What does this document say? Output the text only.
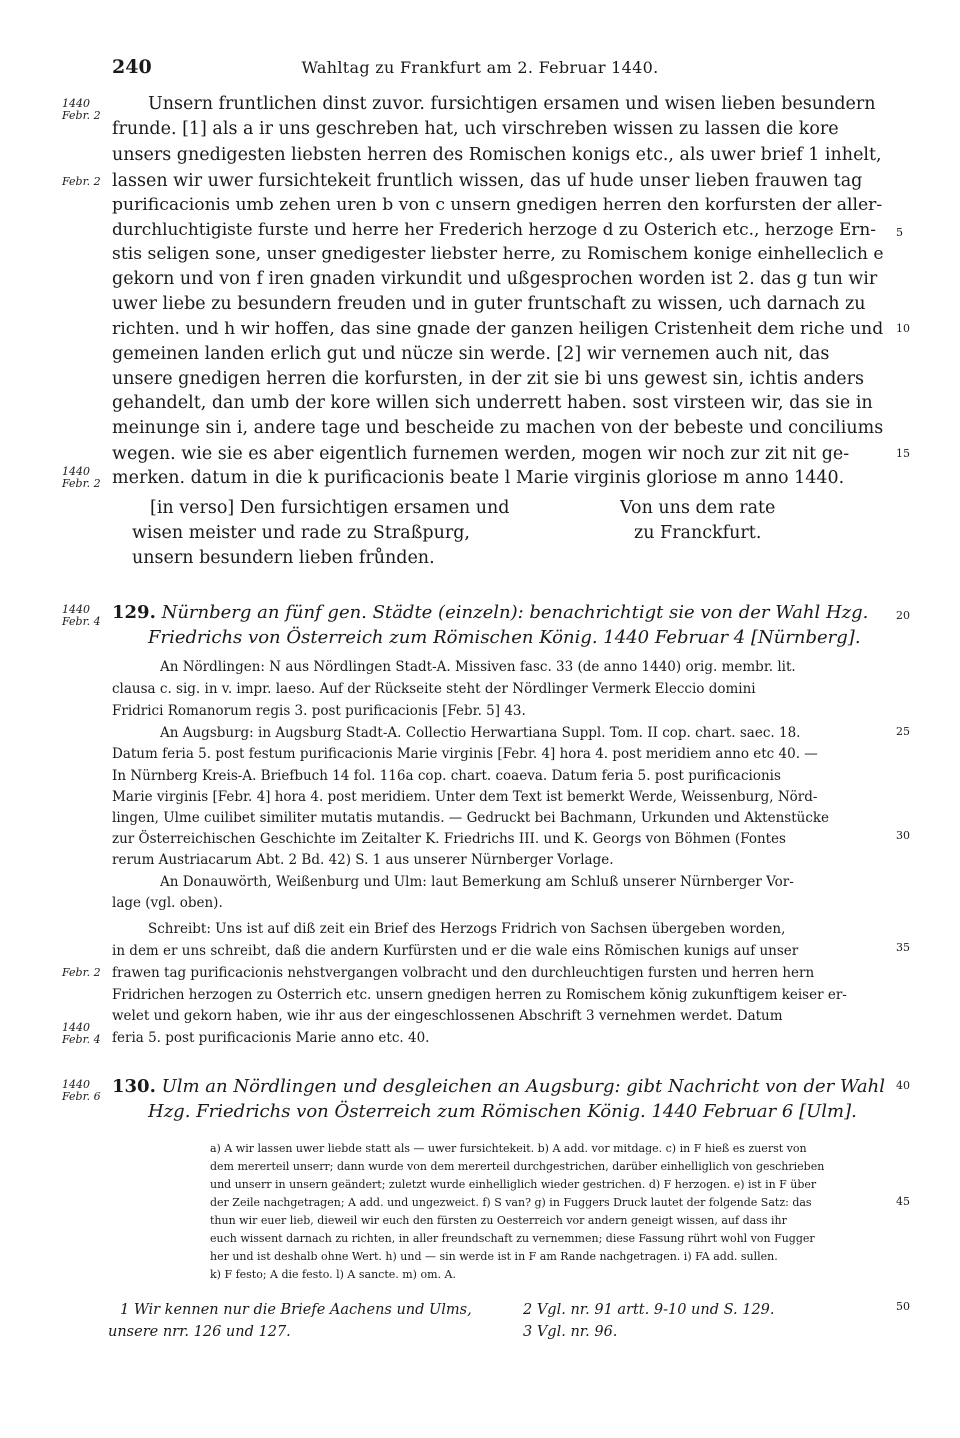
240	Wahltag zu Frankfurt am 2. Februar 1440.
1440 Febr. 2
Febr. 2
1440 Febr. 2
1440 Febr. 4
Febr. 2
1440 Febr. 4
1440 Febr. 6
5
10
15
20
25
30
35
40
45
50
Unsern fruntlichen dinst zuvor. fursichtigen ersamen und wisen lieben besundern
frunde. [1] als a ir uns geschreben hat, uch virschreben wissen zu lassen die kore
unsers gnedigesten liebsten herren des Romischen konigs etc., als uwer brief 1 inhelt,
lassen wir uwer fursichtekeit fruntlich wissen, das uf hude unser lieben frauwen tag
purificacionis umb zehen uren b von c unsern gnedigen herren den korfursten der aller-
durchluchtigiste furste und herre her Frederich herzoge d zu Osterich etc., herzoge Ern-
stis seligen sone, unser gnedigester liebster herre, zu Romischem konige einhelleclich e
gekorn und von f iren gnaden virkundit und ußgesprochen worden ist 2. das g tun wir
uwer liebe zu besundern freuden und in guter fruntschaft zu wissen, uch darnach zu
richten. und h wir hoffen, das sine gnade der ganzen heiligen Cristenheit dem riche und
gemeinen landen erlich gut und nücze sin werde. [2] wir vernemen auch nit, das
unsere gnedigen herren die korfursten, in der zit sie bi uns gewest sin, ichtis anders
gehandelt, dan umb der kore willen sich underrett haben. sost virsteen wir, das sie in
meinunge sin i, andere tage und bescheide zu machen von der bebeste und conciliums
wegen. wie sie es aber eigentlich furnemen werden, mogen wir noch zur zit nit ge-
merken. datum in die k purificacionis beate l Marie virginis gloriose m anno 1440.
[in verso] Den fursichtigen ersamen und
wisen meister und rade zu Straßpurg,
unsern besundern lieben frůnden.
Von uns dem rate
zu Franckfurt.
129. Nürnberg an fünf gen. Städte (einzeln): benachrichtigt sie von der Wahl Hzg.
Friedrichs von Österreich zum Römischen König. 1440 Februar 4 [Nürnberg].
An Nördlingen: N aus Nördlingen Stadt-A. Missiven fasc. 33 (de anno 1440) orig. membr. lit.
clausa c. sig. in v. impr. laeso. Auf der Rückseite steht der Nördlinger Vermerk Eleccio domini
Fridrici Romanorum regis 3. post purificacionis [Febr. 5] 43.
An Augsburg: in Augsburg Stadt-A. Collectio Herwartiana Suppl. Tom. II cop. chart. saec. 18.
Datum feria 5. post festum purificacionis Marie virginis [Febr. 4] hora 4. post meridiem anno etc 40. —
In Nürnberg Kreis-A. Briefbuch 14 fol. 116a cop. chart. coaeva. Datum feria 5. post purificacionis
Marie virginis [Febr. 4] hora 4. post meridiem. Unter dem Text ist bemerkt Werde, Weissenburg, Nörd-
lingen, Ulme cuilibet similiter mutatis mutandis. — Gedruckt bei Bachmann, Urkunden und Aktenstücke
zur Österreichischen Geschichte im Zeitalter K. Friedrichs III. und K. Georgs von Böhmen (Fontes
rerum Austriacarum Abt. 2 Bd. 42) S. 1 aus unserer Nürnberger Vorlage.
An Donauwörth, Weißenburg und Ulm: laut Bemerkung am Schluß unserer Nürnberger Vor-
lage (vgl. oben).
Schreibt: Uns ist auf diß zeit ein Brief des Herzogs Fridrich von Sachsen übergeben worden,
in dem er uns schreibt, daß die andern Kurfürsten und er die wale eins Rŏmischen kunigs auf unser
frawen tag purificacionis nehstvergangen volbracht und den durchleuchtigen fursten und herren hern
Fridrichen herzogen zu Osterrich etc. unsern gnedigen herren zu Romischem kŏnig zukunftigem keiser er-
welet und gekorn haben, wie ihr aus der eingeschlossenen Abschrift 3 vernehmen werdet. Datum
feria 5. post purificacionis Marie anno etc. 40.
130. Ulm an Nördlingen und desgleichen an Augsburg: gibt Nachricht von der Wahl
Hzg. Friedrichs von Österreich zum Römischen König. 1440 Februar 6 [Ulm].
a) A wir lassen uwer liebde statt als — uwer fursichtekeit. b) A add. vor mitdage. c) in F hieß es zuerst von
dem mererteil unserr; dann wurde von dem mererteil durchgestrichen, darüber einhelliglich von geschrieben
und unserr in unsern geändert; zuletzt wurde einhelliglich wieder gestrichen. d) F herzogen. e) ist in F über
der Zeile nachgetragen; A add. und ungezweict. f) S van? g) in Fuggers Druck lautet der folgende Satz: das
thun wir euer lieb, dieweil wir euch den fürsten zu Oesterreich vor andern geneigt wissen, auf dass ihr
euch wissent darnach zu richten, in aller freundschaft zu vernemmen; diese Fassung rührt wohl von Fugger
her und ist deshalb ohne Wert. h) und — sin werde ist in F am Rande nachgetragen. i) FA add. sullen.
k) F festo; A die festo. l) A sancte. m) om. A.
1 Wir kennen nur die Briefe Aachens und Ulms,
unsere nrr. 126 und 127.
2 Vgl. nr. 91 artt. 9-10 und S. 129.
3 Vgl. nr. 96.
